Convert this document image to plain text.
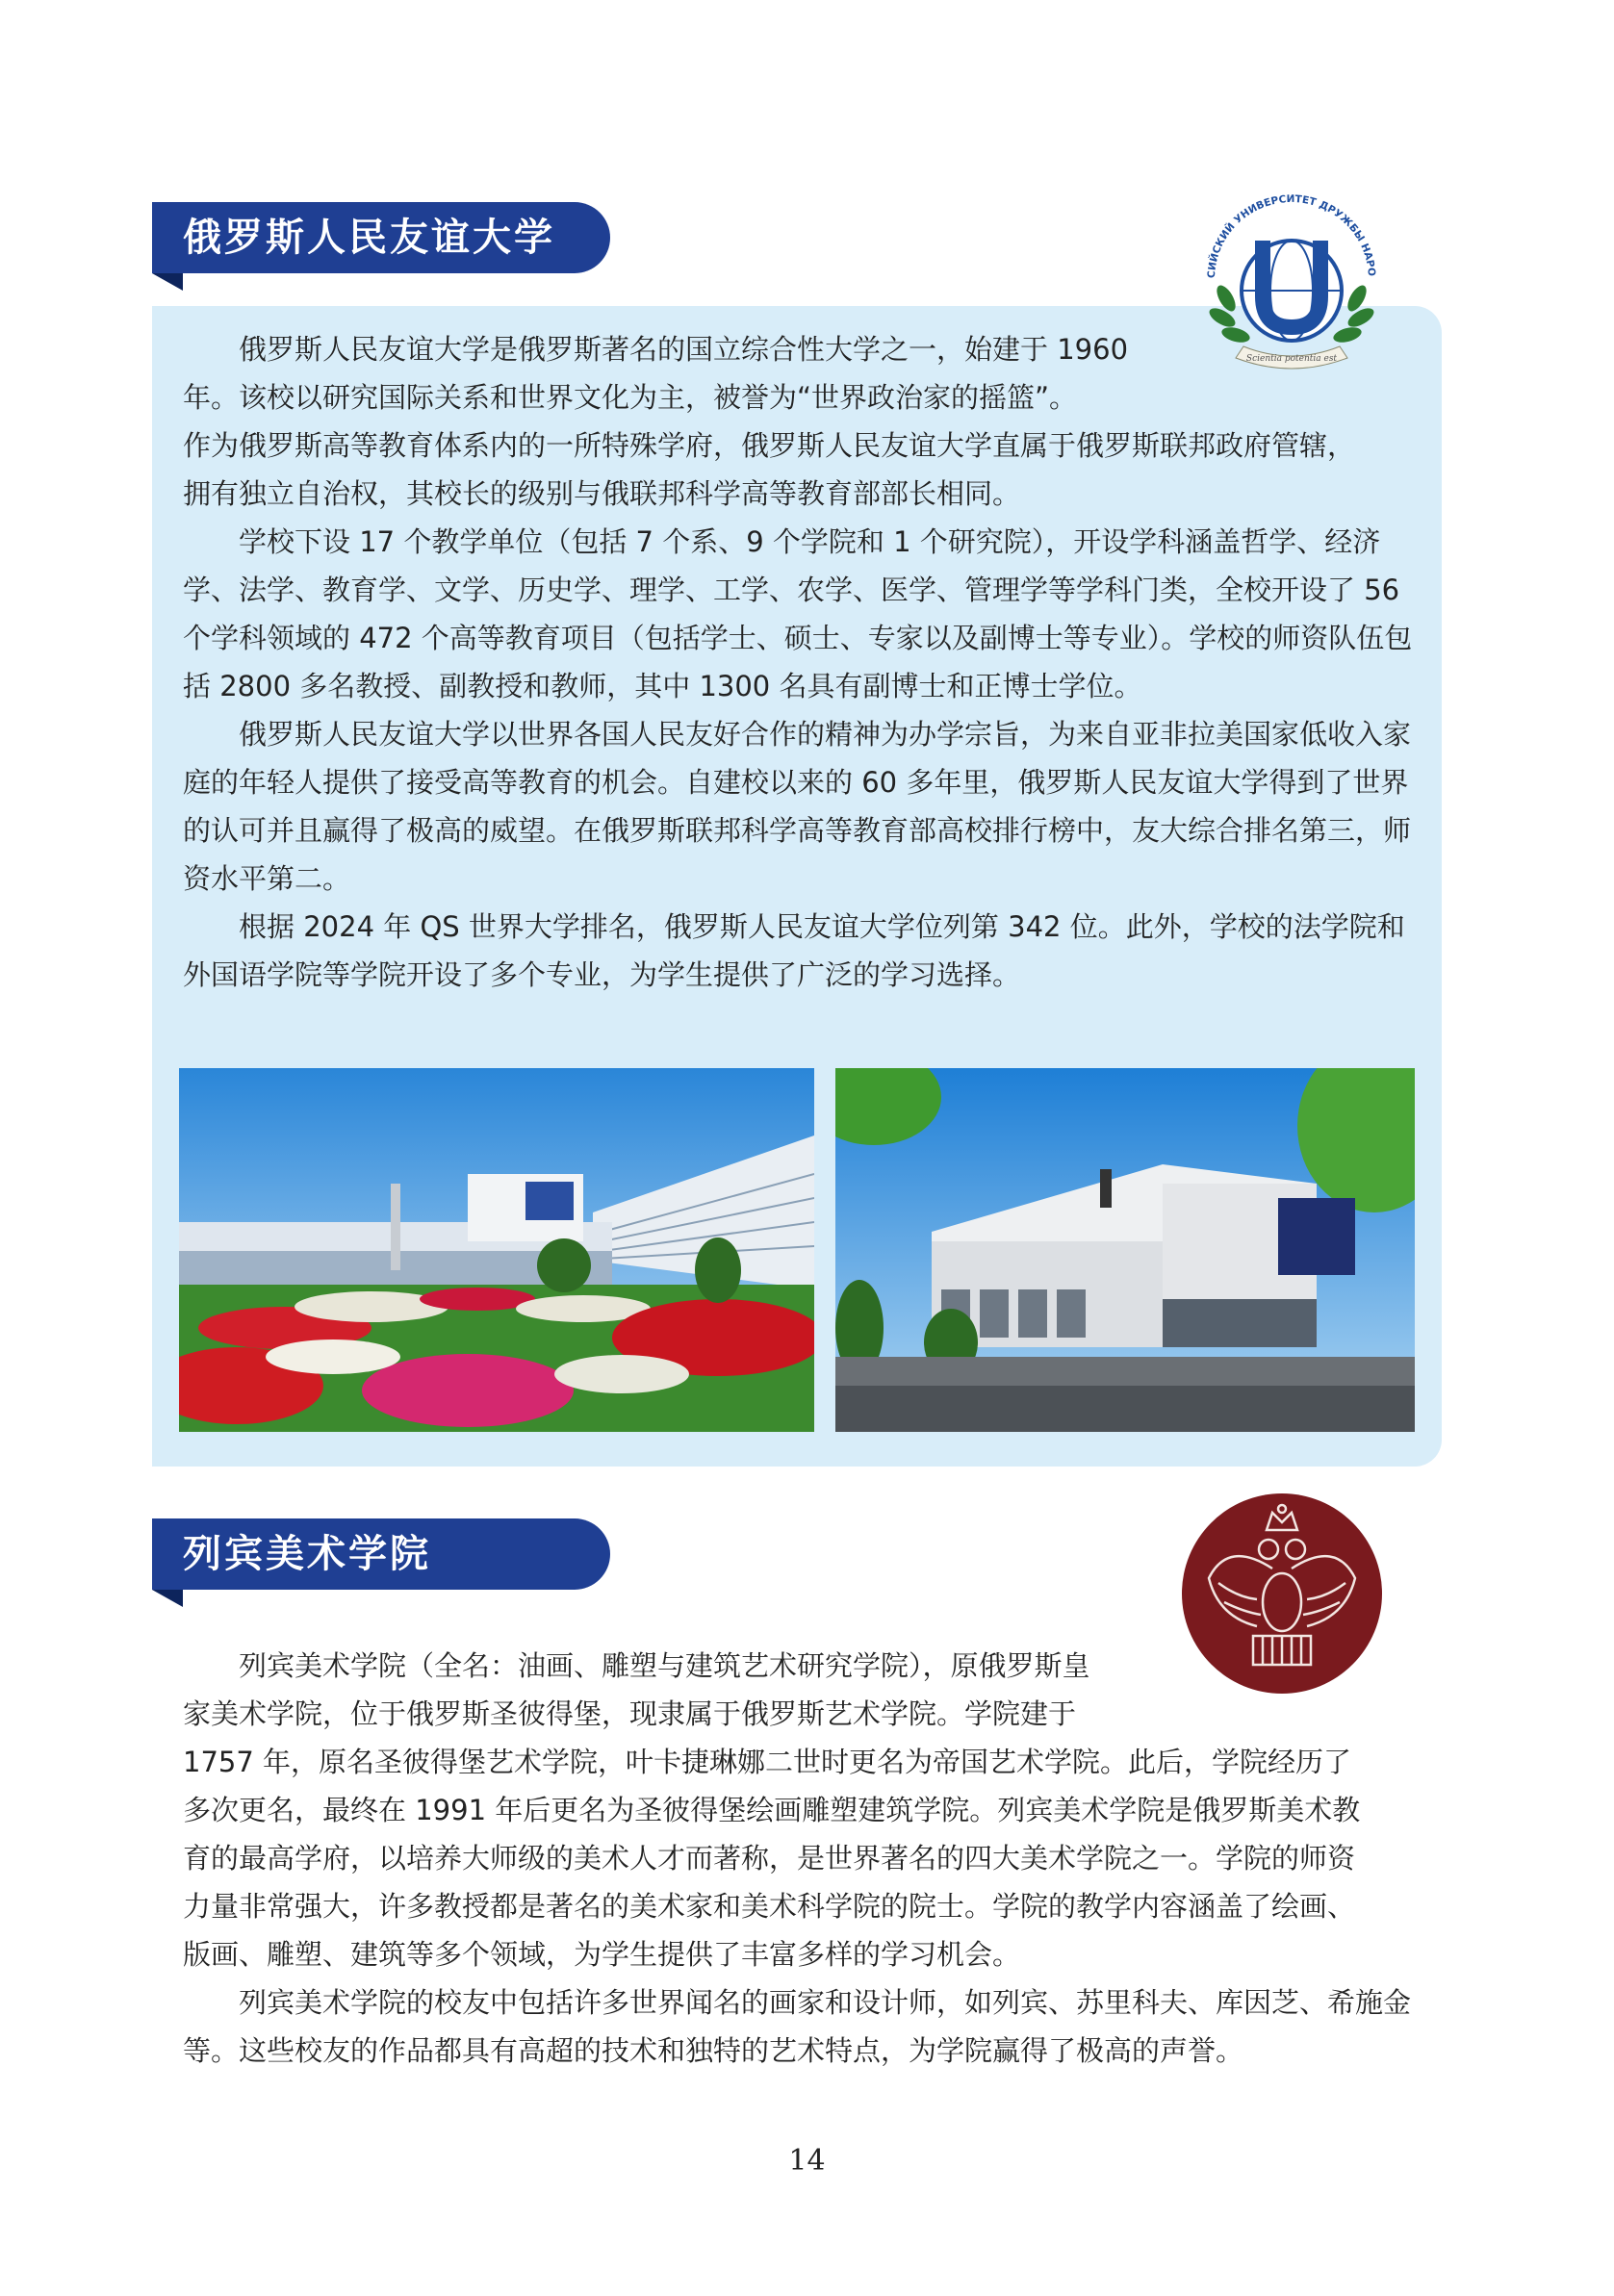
俄罗斯人民友谊大学
СИЙСКИЙ УНИВЕРСИТЕТ ДРУЖБЫ НАРО
Scientia potentia est

俄罗斯人民友谊大学是俄罗斯著名的国立综合性大学之一，始建于 1960
年。该校以研究国际关系和世界文化为主，被誉为“世界政治家的摇篮”。
作为俄罗斯高等教育体系内的一所特殊学府，俄罗斯人民友谊大学直属于俄罗斯联邦政府管辖，
拥有独立自治权，其校长的级别与俄联邦科学高等教育部部长相同。

学校下设 17 个教学单位（包括 7 个系、9 个学院和 1 个研究院），开设学科涵盖哲学、经济学、法学、教育学、文学、历史学、理学、工学、农学、医学、管理学等学科门类，全校开设了 56 个学科领域的 472 个高等教育项目（包括学士、硕士、专家以及副博士等专业）。学校的师资队伍包括 2800 多名教授、副教授和教师，其中 1300 名具有副博士和正博士学位。

俄罗斯人民友谊大学以世界各国人民友好合作的精神为办学宗旨，为来自亚非拉美国家低收入家庭的年轻人提供了接受高等教育的机会。自建校以来的 60 多年里，俄罗斯人民友谊大学得到了世界的认可并且赢得了极高的威望。在俄罗斯联邦科学高等教育部高校排行榜中，友大综合排名第三，师资水平第二。

根据 2024 年 QS 世界大学排名，俄罗斯人民友谊大学位列第 342 位。此外，学校的法学院和外国语学院等学院开设了多个专业，为学生提供了广泛的学习选择。

列宾美术学院

列宾美术学院（全名：油画、雕塑与建筑艺术研究学院），原俄罗斯皇
家美术学院，位于俄罗斯圣彼得堡，现隶属于俄罗斯艺术学院。学院建于
1757 年，原名圣彼得堡艺术学院，叶卡捷琳娜二世时更名为帝国艺术学院。此后，学院经历了
多次更名，最终在 1991 年后更名为圣彼得堡绘画雕塑建筑学院。列宾美术学院是俄罗斯美术教
育的最高学府，以培养大师级的美术人才而著称，是世界著名的四大美术学院之一。学院的师资
力量非常强大，许多教授都是著名的美术家和美术科学院的院士。学院的教学内容涵盖了绘画、
版画、雕塑、建筑等多个领域，为学生提供了丰富多样的学习机会。

列宾美术学院的校友中包括许多世界闻名的画家和设计师，如列宾、苏里科夫、库因芝、希施金等。这些校友的作品都具有高超的技术和独特的艺术特点，为学院赢得了极高的声誉。

14
